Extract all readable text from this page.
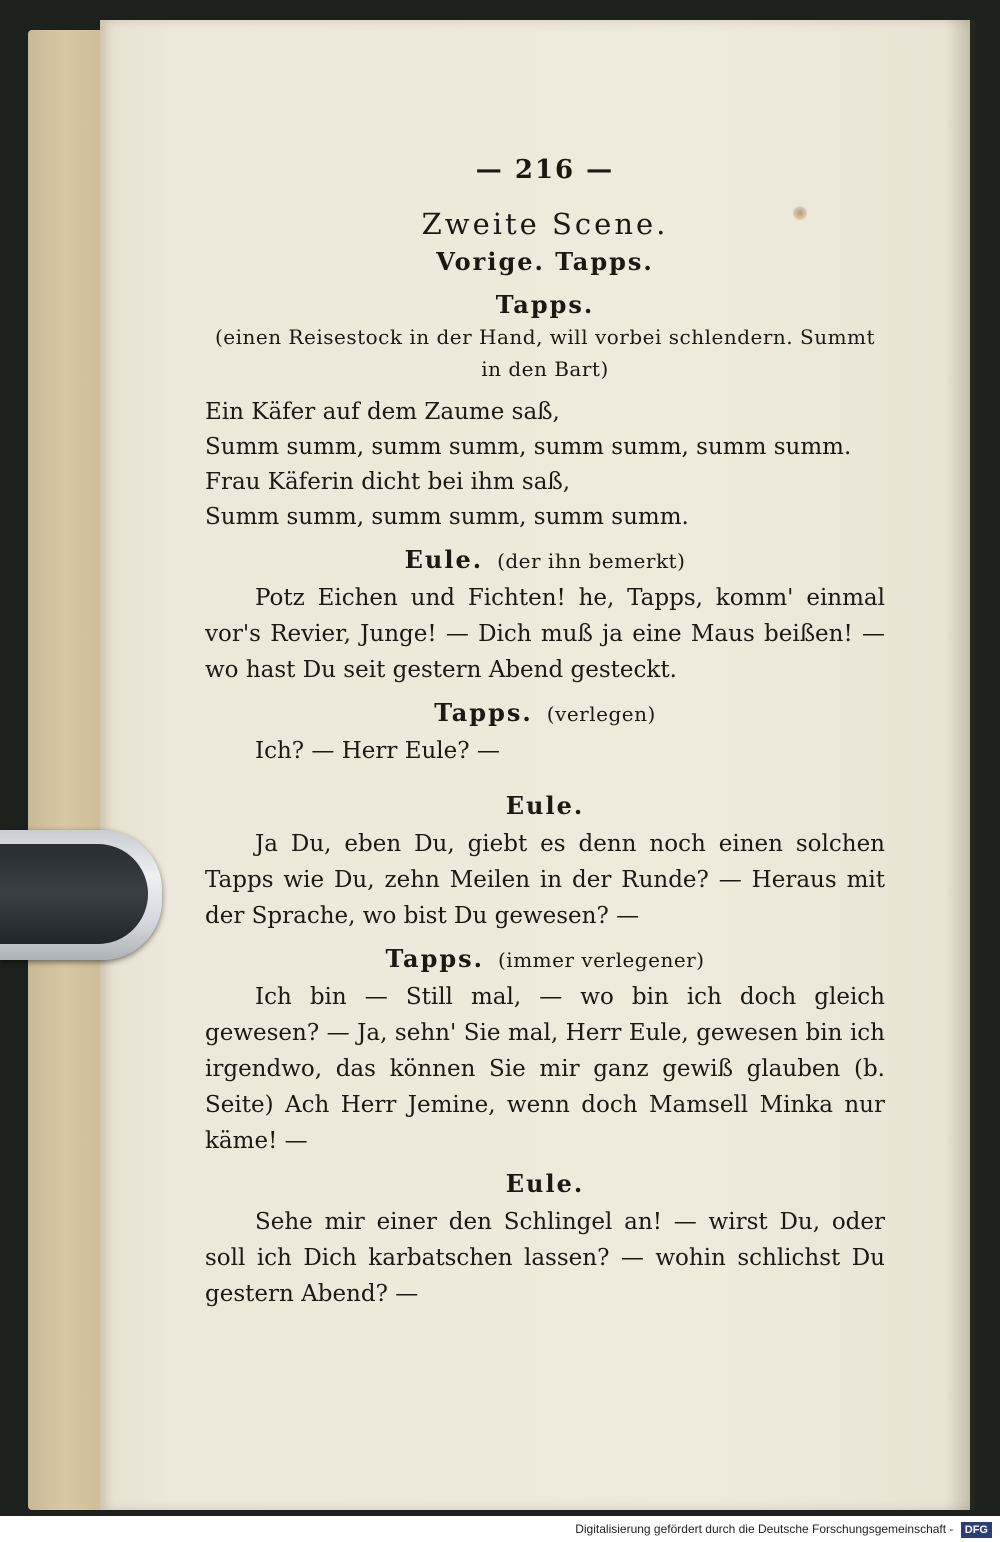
— 216 —
Zweite Scene.
Vorige. Tapps.
Tapps.
(einen Reisestock in der Hand, will vorbei schlendern. Summt in den Bart)
Ein Käfer auf dem Zaume saß,
Summ summ, summ summ, summ summ, summ summ.
Frau Käferin dicht bei ihm saß,
Summ summ, summ summ, summ summ.
Eule. (der ihn bemerkt)
Potz Eichen und Fichten! he, Tapps, komm' einmal vor's Revier, Junge! — Dich muß ja eine Maus beißen! — wo hast Du seit gestern Abend gesteckt.
Tapps. (verlegen)
Ich? — Herr Eule? —
Eule.
Ja Du, eben Du, giebt es denn noch einen solchen Tapps wie Du, zehn Meilen in der Runde? — Heraus mit der Sprache, wo bist Du gewesen? —
Tapps. (immer verlegener)
Ich bin — Still mal, — wo bin ich doch gleich gewesen? — Ja, sehn' Sie mal, Herr Eule, gewesen bin ich irgendwo, das können Sie mir ganz gewiß glauben (b. Seite) Ach Herr Jemine, wenn doch Mamsell Minka nur käme! —
Eule.
Sehe mir einer den Schlingel an! — wirst Du, oder soll ich Dich karbatschen lassen? — wohin schlichst Du gestern Abend? —
Digitalisierung gefördert durch die Deutsche Forschungsgemeinschaft - DFG
